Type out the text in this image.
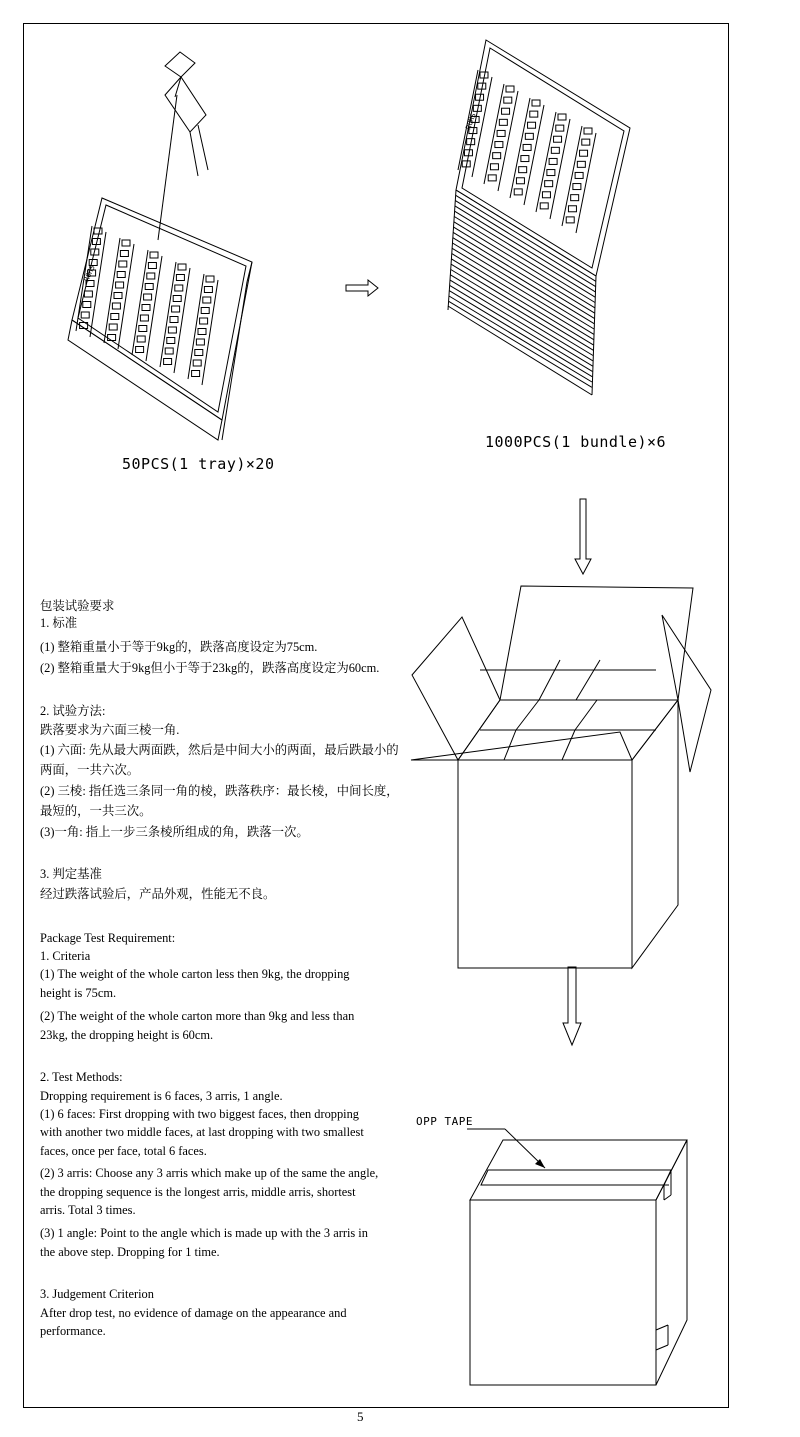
ROHS
ROHS
OPP TAPE
50PCS(1 tray)×20
1000PCS(1 bundle)×6
包装试验要求
1. 标准
(1) 整箱重量小于等于9kg的，跌落高度设定为75cm.
(2) 整箱重量大于9kg但小于等于23kg的，跌落高度设定为60cm.
2. 试验方法:
跌落要求为六面三棱一角.
(1) 六面: 先从最大两面跌，然后是中间大小的两面，最后跌最小的
两面，一共六次。
(2) 三棱: 指任选三条同一角的棱，跌落秩序：最长棱，中间长度，
最短的，一共三次。
(3)一角: 指上一步三条棱所组成的角，跌落一次。
3. 判定基准
经过跌落试验后，产品外观，性能无不良。
Package Test Requirement:
1. Criteria
(1) The weight of the whole carton less then 9kg, the dropping
height is 75cm.
(2) The weight of the whole carton more than 9kg and less than
23kg, the dropping height is 60cm.
2. Test Methods:
Dropping requirement is 6 faces, 3 arris, 1 angle.
(1) 6 faces: First dropping with two biggest faces, then dropping
with another two middle faces, at last dropping with two smallest
faces, once per face, total 6 faces.
(2) 3 arris: Choose any 3 arris which make up of the same the angle,
the dropping sequence is the longest arris, middle arris, shortest
arris. Total 3 times.
(3) 1 angle: Point to the angle which is made up with the 3 arris in
the above step. Dropping for 1 time.
3. Judgement Criterion
After drop test, no evidence of damage on the appearance and
performance.
5
